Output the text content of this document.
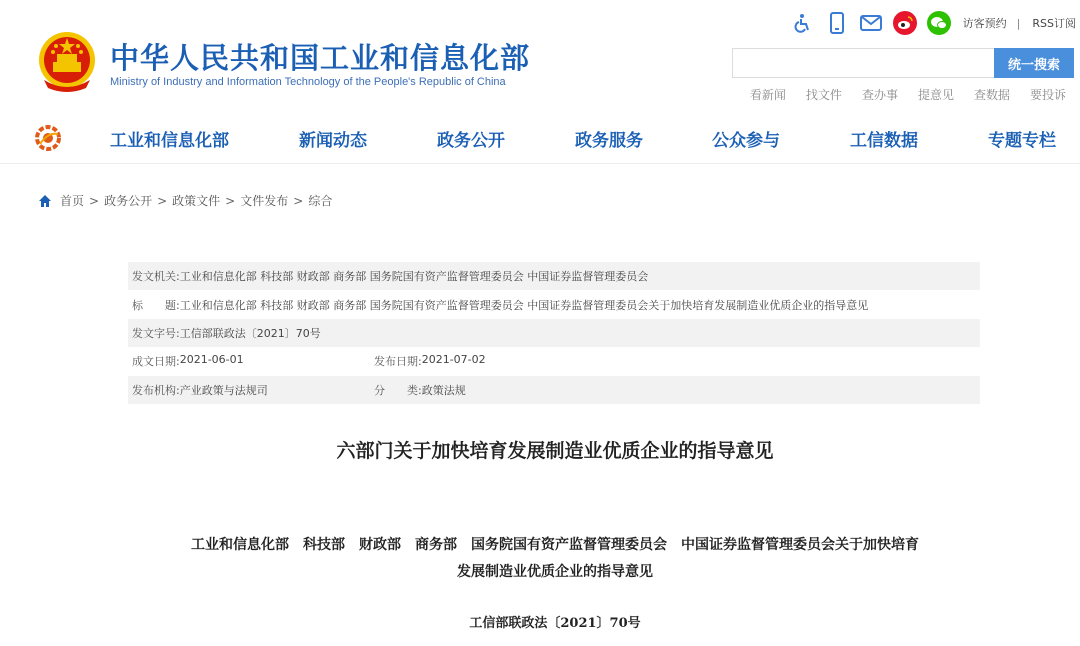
中华人民共和国工业和信息化部
Ministry of Industry and Information Technology of the People's Republic of China
访客预约 | RSS订阅
统一搜索
看新闻 找文件 查办事 提意见 查数据 要投诉
工业和信息化部	新闻动态	政务公开	政务服务	公众参与	工信数据	专题专栏
首页 > 政务公开 > 政策文件 > 文件发布 > 综合
发文机关: 工业和信息化部 科技部 财政部 商务部 国务院国有资产监督管理委员会 中国证券监督管理委员会
标　　题: 工业和信息化部 科技部 财政部 商务部 国务院国有资产监督管理委员会 中国证券监督管理委员会关于加快培育发展制造业优质企业的指导意见
发文字号: 工信部联政法〔2021〕70号
成文日期: 2021-06-01	发布日期: 2021-07-02
发布机构: 产业政策与法规司	分　　类: 政策法规
六部门关于加快培育发展制造业优质企业的指导意见
工业和信息化部　科技部　财政部　商务部　国务院国有资产监督管理委员会　中国证券监督管理委员会关于加快培育
发展制造业优质企业的指导意见
工信部联政法〔2021〕70号
